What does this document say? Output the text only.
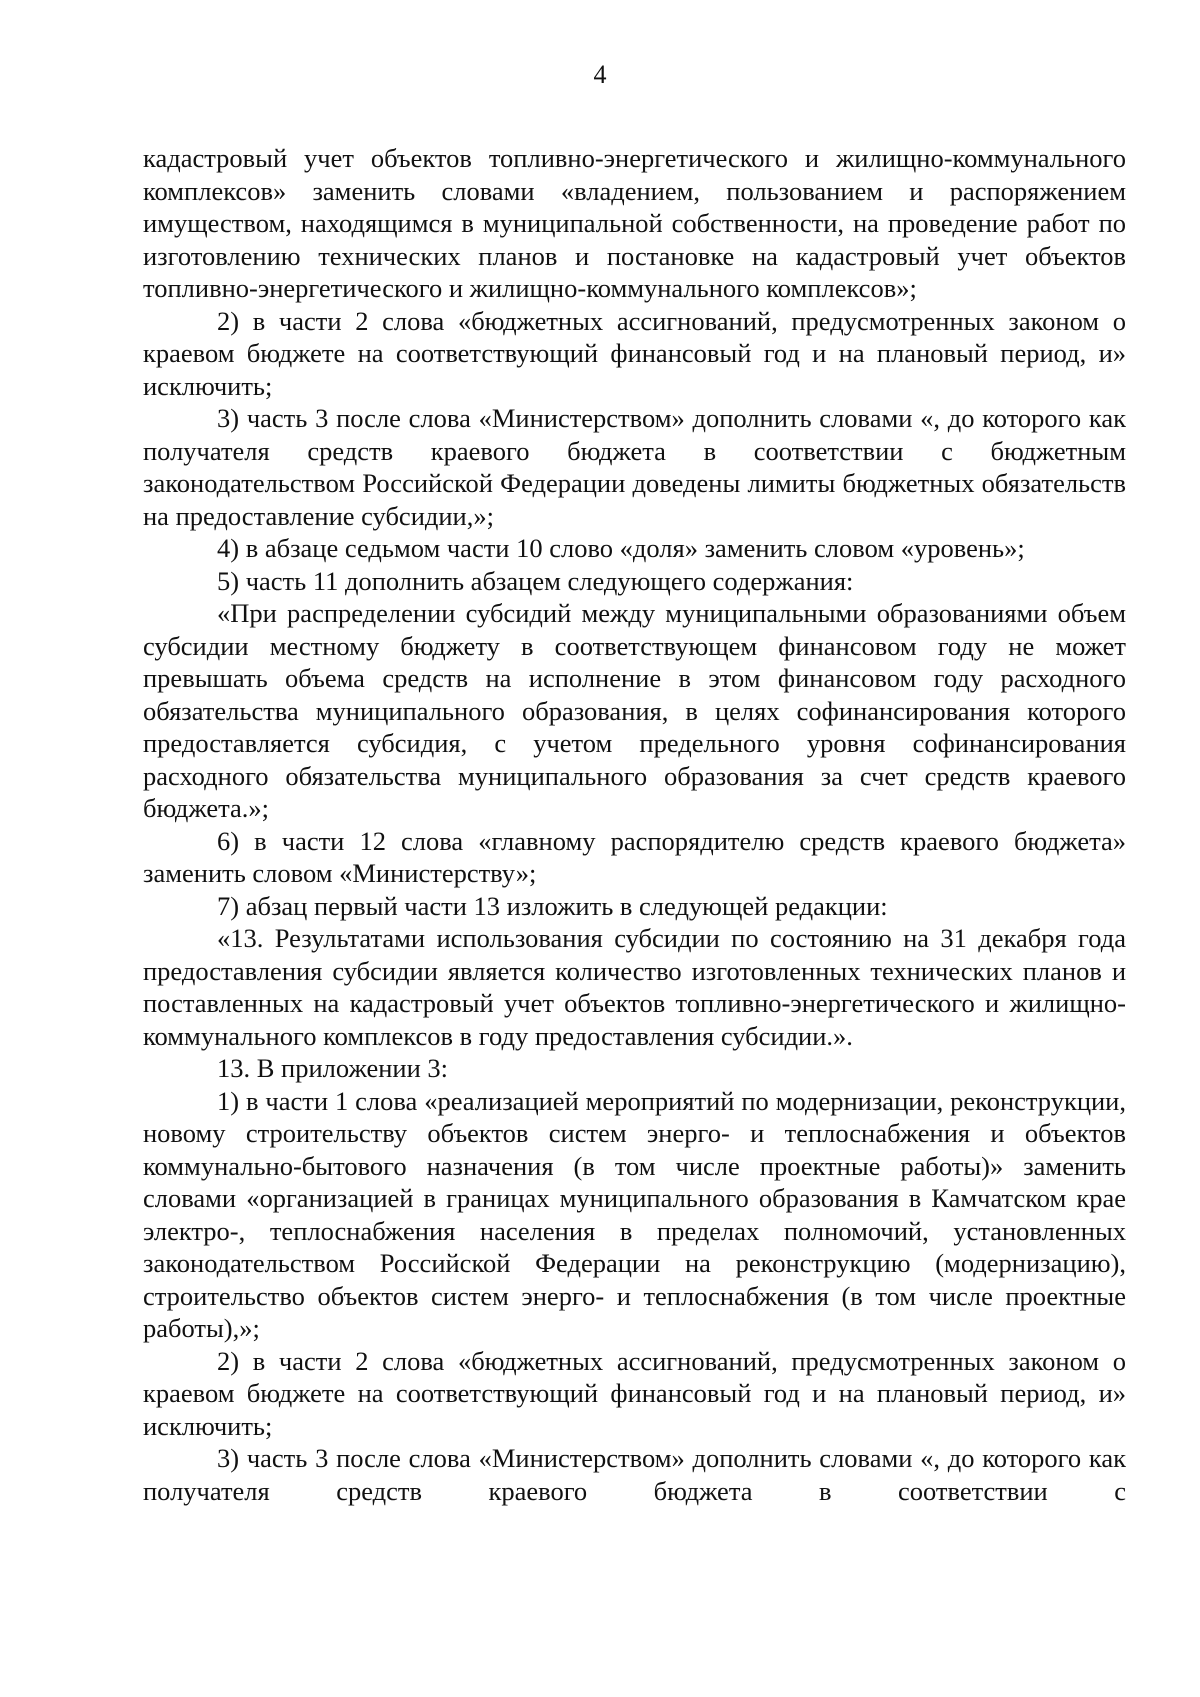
4

кадастровый учет объектов топливно-энергетического и жилищно-коммунального комплексов» заменить словами «владением, пользованием и распоряжением имуществом, находящимся в муниципальной собственности, на проведение работ по изготовлению технических планов и постановке на кадастровый учет объектов топливно-энергетического и жилищно-коммунального комплексов»;

2) в части 2 слова «бюджетных ассигнований, предусмотренных законом о краевом бюджете на соответствующий финансовый год и на плановый период, и» исключить;

3) часть 3 после слова «Министерством» дополнить словами «, до которого как получателя средств краевого бюджета в соответствии с бюджетным законодательством Российской Федерации доведены лимиты бюджетных обязательств на предоставление субсидии,»;

4) в абзаце седьмом части 10 слово «доля» заменить словом «уровень»;

5) часть 11 дополнить абзацем следующего содержания:

«При распределении субсидий между муниципальными образованиями объем субсидии местному бюджету в соответствующем финансовом году не может превышать объема средств на исполнение в этом финансовом году расходного обязательства муниципального образования, в целях софинансирования которого предоставляется субсидия, с учетом предельного уровня софинансирования расходного обязательства муниципального образования за счет средств краевого бюджета.»;

6) в части 12 слова «главному распорядителю средств краевого бюджета» заменить словом «Министерству»;

7) абзац первый части 13 изложить в следующей редакции:

«13. Результатами использования субсидии по состоянию на 31 декабря года предоставления субсидии является количество изготовленных технических планов и поставленных на кадастровый учет объектов топливно-энергетического и жилищно-коммунального комплексов в году предоставления субсидии.».

13. В приложении 3:

1) в части 1 слова «реализацией мероприятий по модернизации, реконструкции, новому строительству объектов систем энерго- и теплоснабжения и объектов коммунально-бытового назначения (в том числе проектные работы)» заменить словами «организацией в границах муниципального образования в Камчатском крае электро-, теплоснабжения населения в пределах полномочий, установленных законодательством Российской Федерации на реконструкцию (модернизацию), строительство объектов систем энерго- и теплоснабжения (в том числе проектные работы),»;

2) в части 2 слова «бюджетных ассигнований, предусмотренных законом о краевом бюджете на соответствующий финансовый год и на плановый период, и» исключить;

3) часть 3 после слова «Министерством» дополнить словами «, до которого как получателя средств краевого бюджета в соответствии с
